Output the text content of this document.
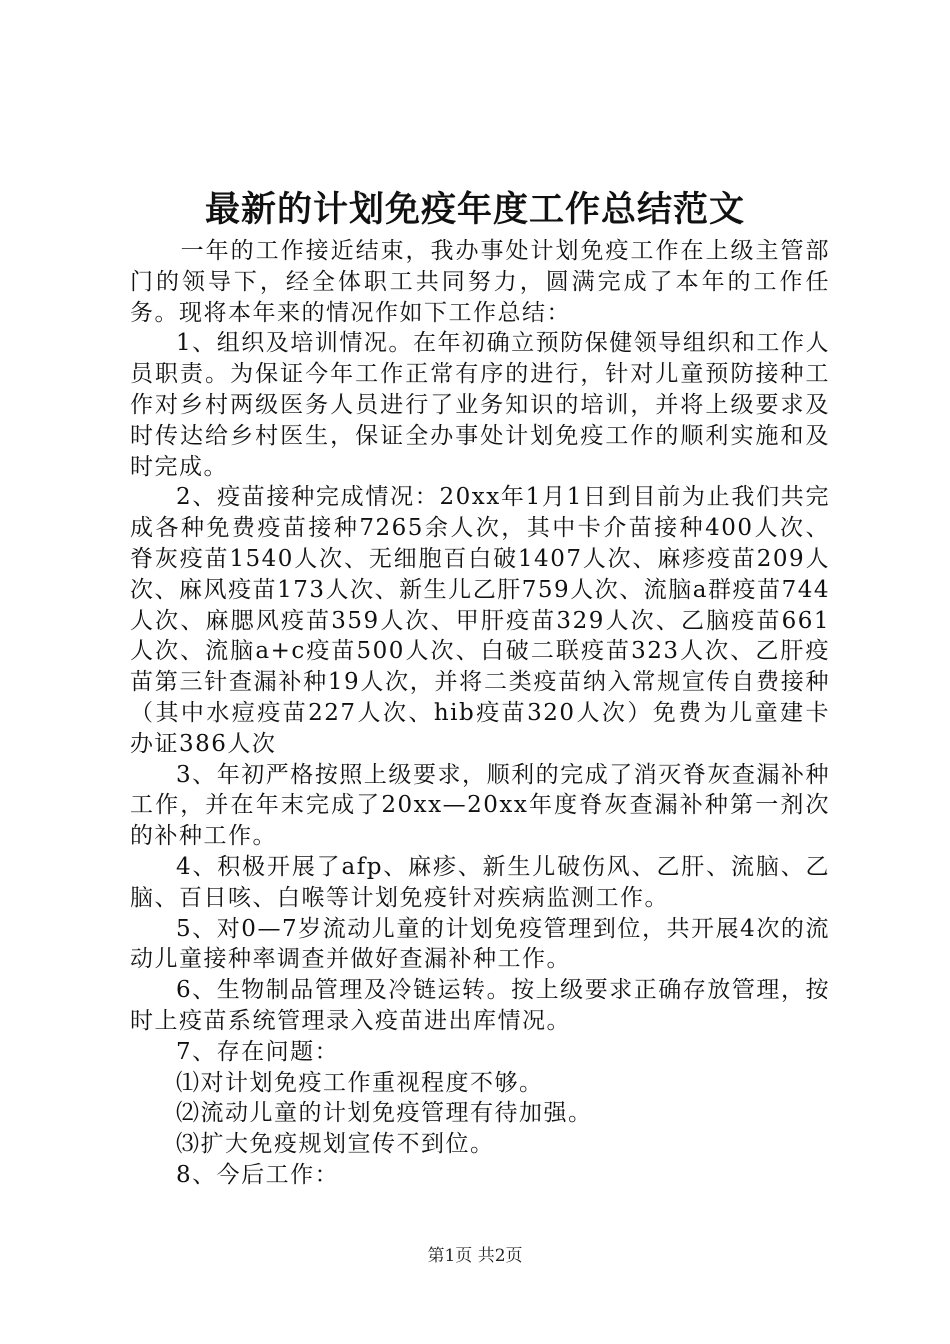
最新的计划免疫年度工作总结范文

一年的工作接近结束，我办事处计划免疫工作在上级主管部门的领导下，经全体职工共同努力，圆满完成了本年的工作任务。现将本年来的情况作如下工作总结：

1、组织及培训情况。在年初确立预防保健领导组织和工作人员职责。为保证今年工作正常有序的进行，针对儿童预防接种工作对乡村两级医务人员进行了业务知识的培训，并将上级要求及时传达给乡村医生，保证全办事处计划免疫工作的顺利实施和及时完成。

2、疫苗接种完成情况：20xx年1月1日到目前为止我们共完成各种免费疫苗接种7265余人次，其中卡介苗接种400人次、脊灰疫苗1540人次、无细胞百白破1407人次、麻疹疫苗209人次、麻风疫苗173人次、新生儿乙肝759人次、流脑a群疫苗744人次、麻腮风疫苗359人次、甲肝疫苗329人次、乙脑疫苗661人次、流脑a+c疫苗500人次、白破二联疫苗323人次、乙肝疫苗第三针查漏补种19人次，并将二类疫苗纳入常规宣传自费接种（其中水痘疫苗227人次、hib疫苗320人次）免费为儿童建卡办证386人次

3、年初严格按照上级要求，顺利的完成了消灭脊灰查漏补种工作，并在年末完成了20xx—20xx年度脊灰查漏补种第一剂次的补种工作。

4、积极开展了afp、麻疹、新生儿破伤风、乙肝、流脑、乙脑、百日咳、白喉等计划免疫针对疾病监测工作。

5、对0—7岁流动儿童的计划免疫管理到位，共开展4次的流动儿童接种率调查并做好查漏补种工作。

6、生物制品管理及冷链运转。按上级要求正确存放管理，按时上疫苗系统管理录入疫苗进出库情况。

7、存在问题：

⑴对计划免疫工作重视程度不够。

⑵流动儿童的计划免疫管理有待加强。

⑶扩大免疫规划宣传不到位。

8、今后工作：

第1页 共2页
